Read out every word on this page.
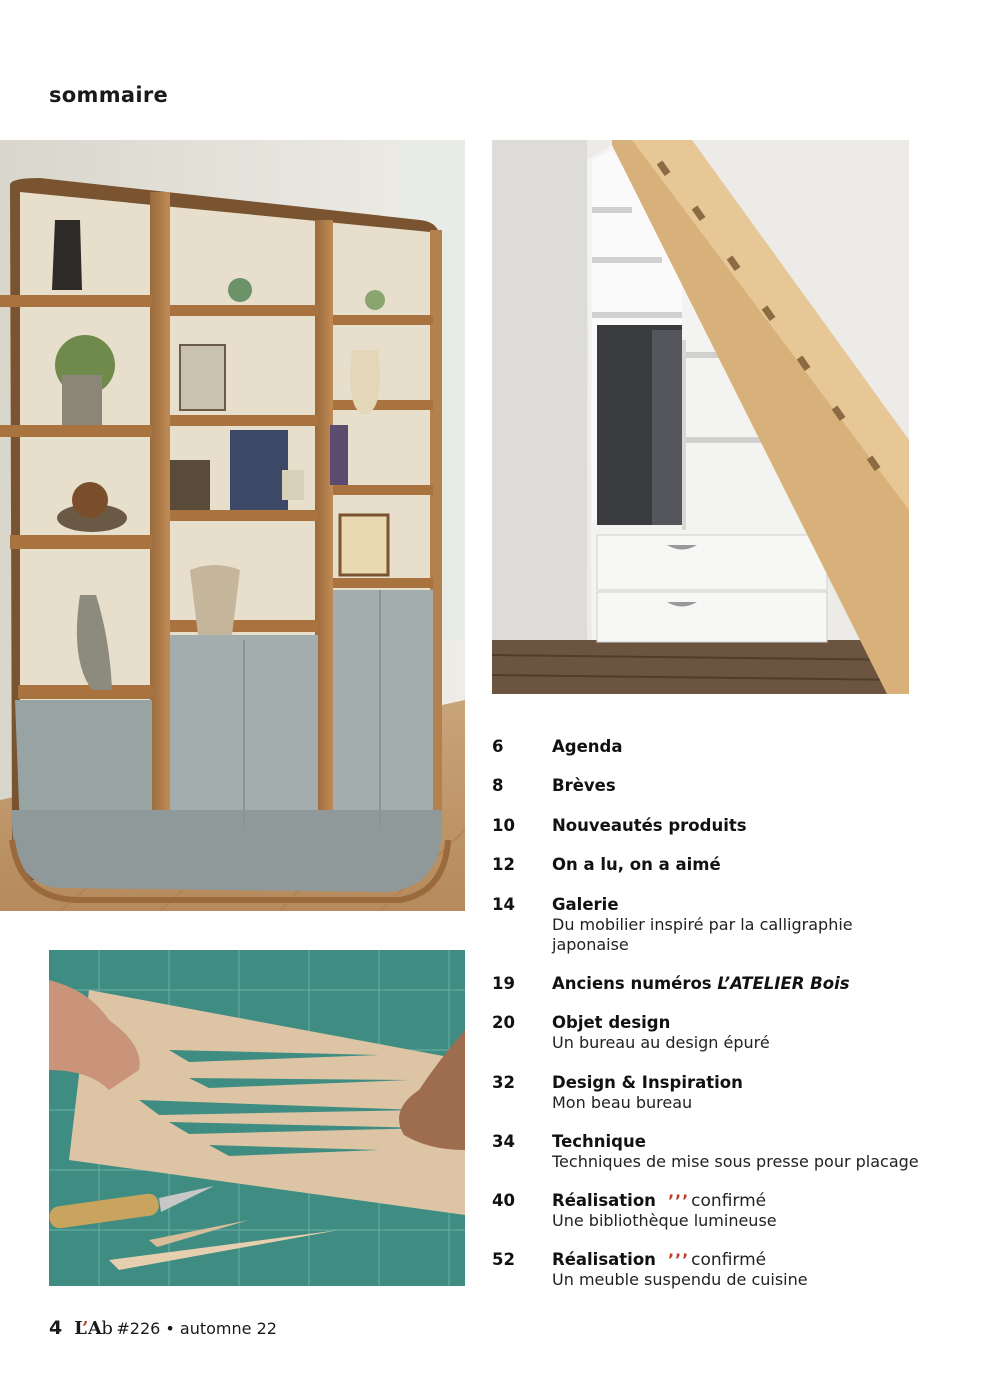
sommaire
6	Agenda
8	Brèves
10 Nouveautés produits
12 On a lu, on a aimé
14 Galerie
Du mobilier inspiré par la calligraphie japonaise
19 Anciens numéros L’ATELIER Bois
20 Objet design
Un bureau au design épuré
32 Design & Inspiration
Mon beau bureau
34 Technique
Techniques de mise sous presse pour placage
40 Réalisation ’’’ confirmé
Une bibliothèque lumineuse
52 Réalisation ’’’ confirmé
Un meuble suspendu de cuisine
4 L’Ab #226 • automne 22
